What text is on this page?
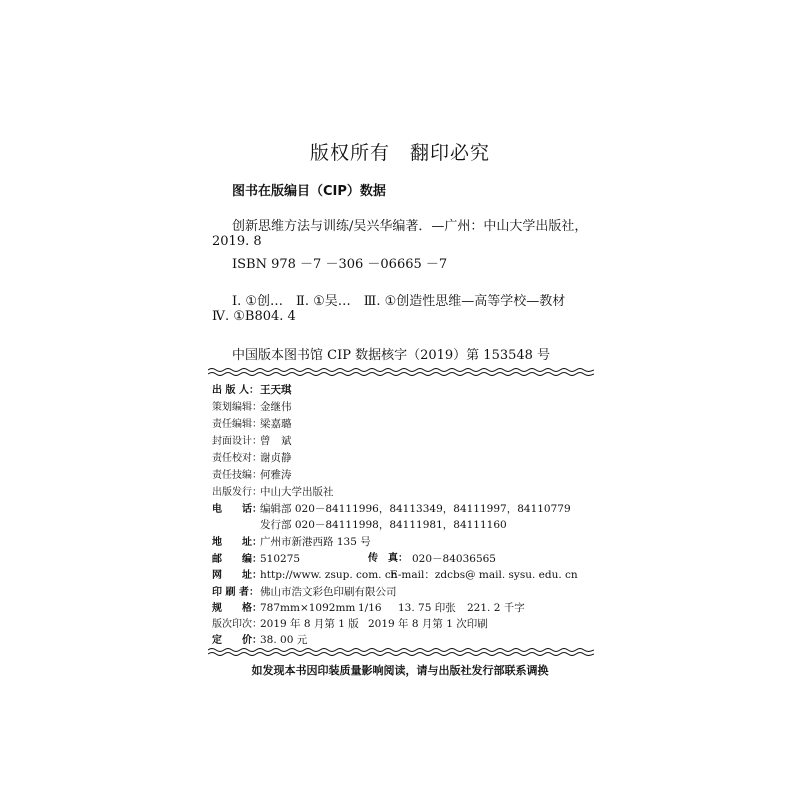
版权所有　翻印必究
图书在版编目（CIP）数据
创新思维方法与训练/吴兴华编著．—广州：中山大学出版社，
2019. 8
ISBN 978 －7 －306 －06665 －7
Ⅰ. ①创…　Ⅱ. ①吴…　Ⅲ. ①创造性思维—高等学校—教材
Ⅳ. ①B804. 4
中国版本图书馆 CIP 数据核字（2019）第 153548 号
出 版 人：王天琪
策划编辑：金继伟
责任编辑：梁嘉璐
封面设计：曾　斌
责任校对：谢贞静
责任技编：何雅涛
出版发行：中山大学出版社
电　　话：编辑部 020－84111996，84113349，84111997，84110779
发行部 020－84111998，84111981，84111160
地　　址：广州市新港西路 135 号
邮　　编：510275	传　真： 020－84036565
网　　址：http://www. zsup. com. cn
E-mail：zdcbs@ mail. sysu. edu. cn
印 刷 者：佛山市浩文彩色印刷有限公司
规　　格：787mm×1092mm 1/16 13. 75 印张 221. 2 千字
版次印次：2019 年 8 月第 1 版 2019 年 8 月第 1 次印刷
定　　价：38. 00 元
如发现本书因印装质量影响阅读，请与出版社发行部联系调换
